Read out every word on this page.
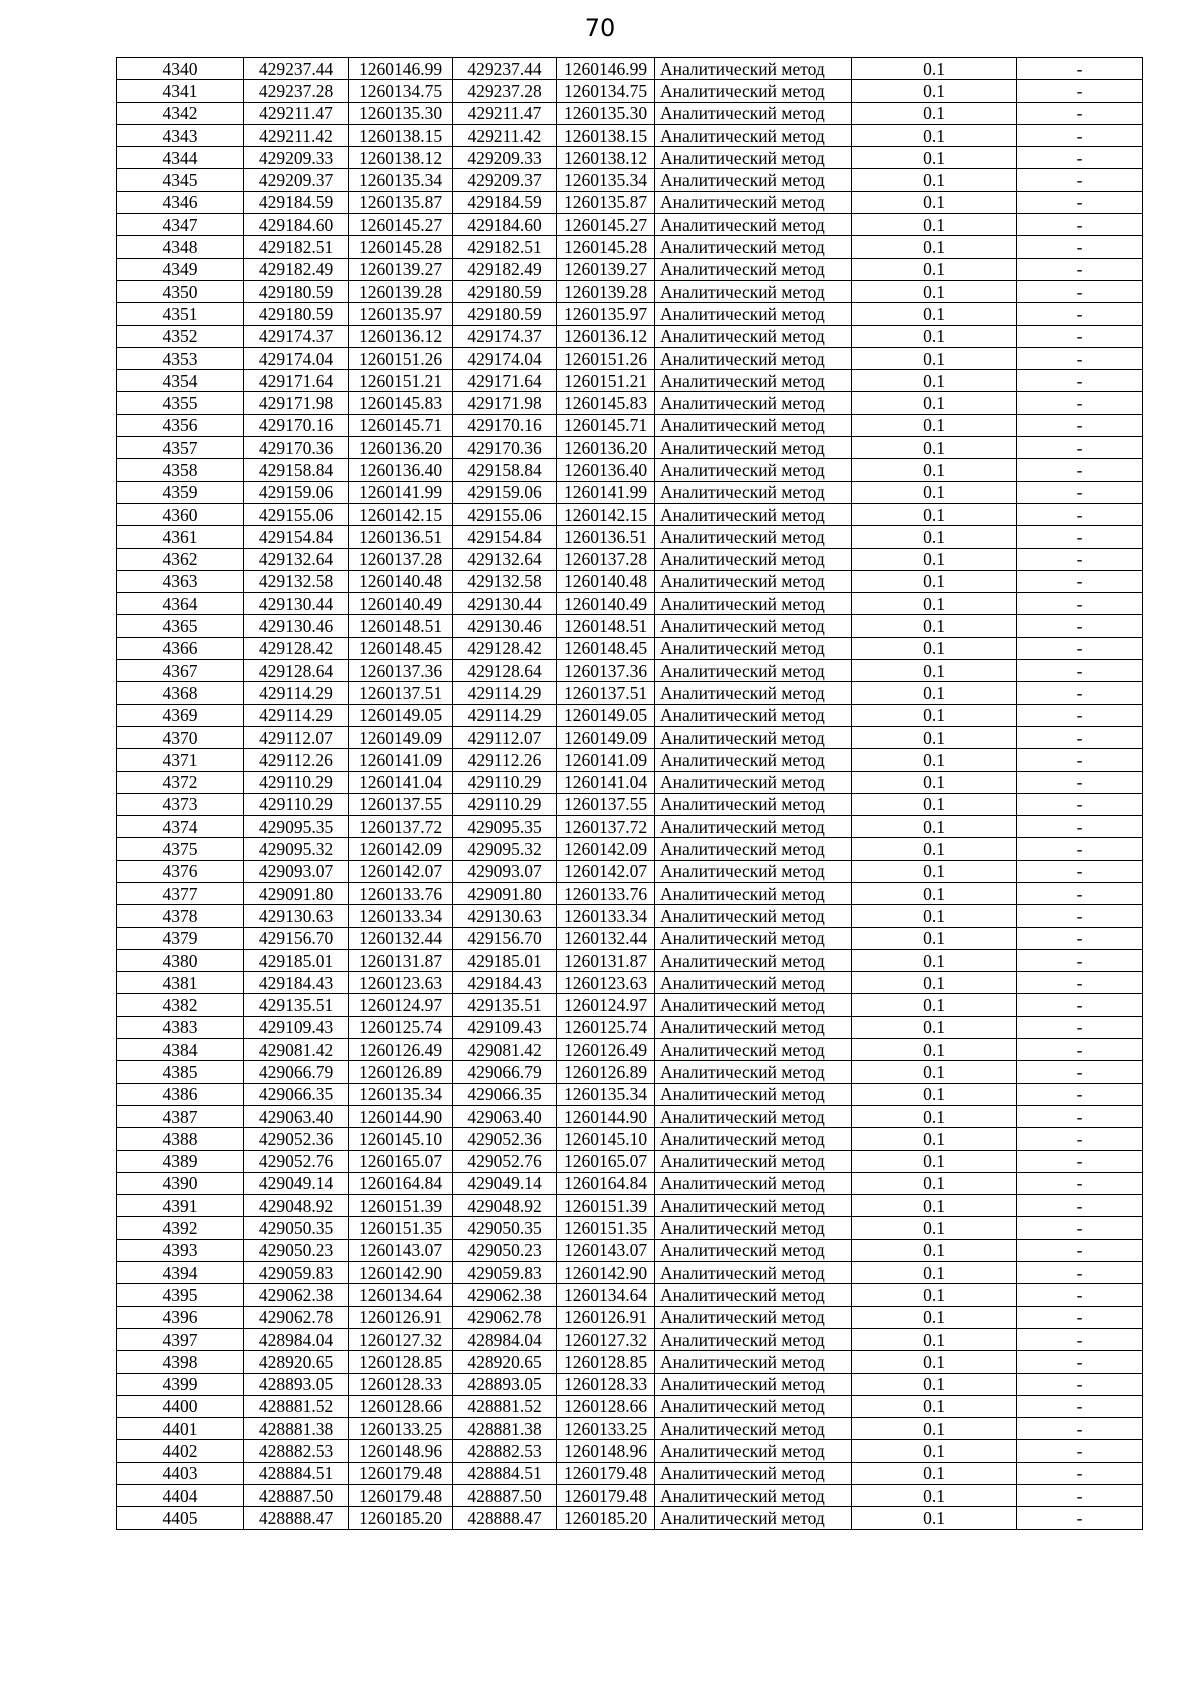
70
4340	429237.44	1260146.99	429237.44	1260146.99	Аналитический метод	0.1	-
4341	429237.28	1260134.75	429237.28	1260134.75	Аналитический метод	0.1	-
4342	429211.47	1260135.30	429211.47	1260135.30	Аналитический метод	0.1	-
4343	429211.42	1260138.15	429211.42	1260138.15	Аналитический метод	0.1	-
4344	429209.33	1260138.12	429209.33	1260138.12	Аналитический метод	0.1	-
4345	429209.37	1260135.34	429209.37	1260135.34	Аналитический метод	0.1	-
4346	429184.59	1260135.87	429184.59	1260135.87	Аналитический метод	0.1	-
4347	429184.60	1260145.27	429184.60	1260145.27	Аналитический метод	0.1	-
4348	429182.51	1260145.28	429182.51	1260145.28	Аналитический метод	0.1	-
4349	429182.49	1260139.27	429182.49	1260139.27	Аналитический метод	0.1	-
4350	429180.59	1260139.28	429180.59	1260139.28	Аналитический метод	0.1	-
4351	429180.59	1260135.97	429180.59	1260135.97	Аналитический метод	0.1	-
4352	429174.37	1260136.12	429174.37	1260136.12	Аналитический метод	0.1	-
4353	429174.04	1260151.26	429174.04	1260151.26	Аналитический метод	0.1	-
4354	429171.64	1260151.21	429171.64	1260151.21	Аналитический метод	0.1	-
4355	429171.98	1260145.83	429171.98	1260145.83	Аналитический метод	0.1	-
4356	429170.16	1260145.71	429170.16	1260145.71	Аналитический метод	0.1	-
4357	429170.36	1260136.20	429170.36	1260136.20	Аналитический метод	0.1	-
4358	429158.84	1260136.40	429158.84	1260136.40	Аналитический метод	0.1	-
4359	429159.06	1260141.99	429159.06	1260141.99	Аналитический метод	0.1	-
4360	429155.06	1260142.15	429155.06	1260142.15	Аналитический метод	0.1	-
4361	429154.84	1260136.51	429154.84	1260136.51	Аналитический метод	0.1	-
4362	429132.64	1260137.28	429132.64	1260137.28	Аналитический метод	0.1	-
4363	429132.58	1260140.48	429132.58	1260140.48	Аналитический метод	0.1	-
4364	429130.44	1260140.49	429130.44	1260140.49	Аналитический метод	0.1	-
4365	429130.46	1260148.51	429130.46	1260148.51	Аналитический метод	0.1	-
4366	429128.42	1260148.45	429128.42	1260148.45	Аналитический метод	0.1	-
4367	429128.64	1260137.36	429128.64	1260137.36	Аналитический метод	0.1	-
4368	429114.29	1260137.51	429114.29	1260137.51	Аналитический метод	0.1	-
4369	429114.29	1260149.05	429114.29	1260149.05	Аналитический метод	0.1	-
4370	429112.07	1260149.09	429112.07	1260149.09	Аналитический метод	0.1	-
4371	429112.26	1260141.09	429112.26	1260141.09	Аналитический метод	0.1	-
4372	429110.29	1260141.04	429110.29	1260141.04	Аналитический метод	0.1	-
4373	429110.29	1260137.55	429110.29	1260137.55	Аналитический метод	0.1	-
4374	429095.35	1260137.72	429095.35	1260137.72	Аналитический метод	0.1	-
4375	429095.32	1260142.09	429095.32	1260142.09	Аналитический метод	0.1	-
4376	429093.07	1260142.07	429093.07	1260142.07	Аналитический метод	0.1	-
4377	429091.80	1260133.76	429091.80	1260133.76	Аналитический метод	0.1	-
4378	429130.63	1260133.34	429130.63	1260133.34	Аналитический метод	0.1	-
4379	429156.70	1260132.44	429156.70	1260132.44	Аналитический метод	0.1	-
4380	429185.01	1260131.87	429185.01	1260131.87	Аналитический метод	0.1	-
4381	429184.43	1260123.63	429184.43	1260123.63	Аналитический метод	0.1	-
4382	429135.51	1260124.97	429135.51	1260124.97	Аналитический метод	0.1	-
4383	429109.43	1260125.74	429109.43	1260125.74	Аналитический метод	0.1	-
4384	429081.42	1260126.49	429081.42	1260126.49	Аналитический метод	0.1	-
4385	429066.79	1260126.89	429066.79	1260126.89	Аналитический метод	0.1	-
4386	429066.35	1260135.34	429066.35	1260135.34	Аналитический метод	0.1	-
4387	429063.40	1260144.90	429063.40	1260144.90	Аналитический метод	0.1	-
4388	429052.36	1260145.10	429052.36	1260145.10	Аналитический метод	0.1	-
4389	429052.76	1260165.07	429052.76	1260165.07	Аналитический метод	0.1	-
4390	429049.14	1260164.84	429049.14	1260164.84	Аналитический метод	0.1	-
4391	429048.92	1260151.39	429048.92	1260151.39	Аналитический метод	0.1	-
4392	429050.35	1260151.35	429050.35	1260151.35	Аналитический метод	0.1	-
4393	429050.23	1260143.07	429050.23	1260143.07	Аналитический метод	0.1	-
4394	429059.83	1260142.90	429059.83	1260142.90	Аналитический метод	0.1	-
4395	429062.38	1260134.64	429062.38	1260134.64	Аналитический метод	0.1	-
4396	429062.78	1260126.91	429062.78	1260126.91	Аналитический метод	0.1	-
4397	428984.04	1260127.32	428984.04	1260127.32	Аналитический метод	0.1	-
4398	428920.65	1260128.85	428920.65	1260128.85	Аналитический метод	0.1	-
4399	428893.05	1260128.33	428893.05	1260128.33	Аналитический метод	0.1	-
4400	428881.52	1260128.66	428881.52	1260128.66	Аналитический метод	0.1	-
4401	428881.38	1260133.25	428881.38	1260133.25	Аналитический метод	0.1	-
4402	428882.53	1260148.96	428882.53	1260148.96	Аналитический метод	0.1	-
4403	428884.51	1260179.48	428884.51	1260179.48	Аналитический метод	0.1	-
4404	428887.50	1260179.48	428887.50	1260179.48	Аналитический метод	0.1	-
4405	428888.47	1260185.20	428888.47	1260185.20	Аналитический метод	0.1	-
